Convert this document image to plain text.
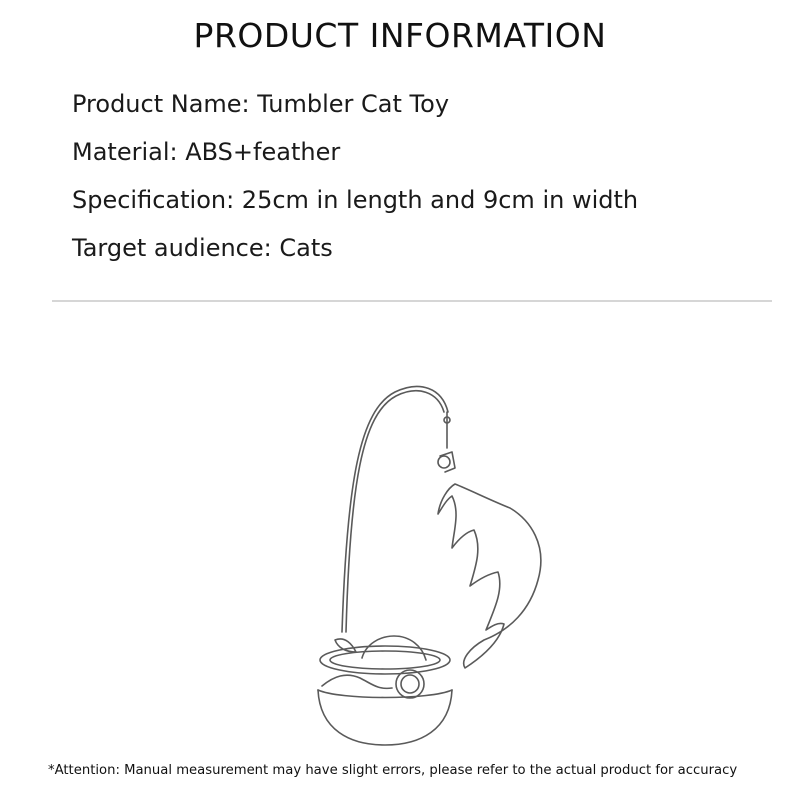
PRODUCT INFORMATION
Product Name: Tumbler Cat Toy
Material: ABS+feather
Specification: 25cm in length and 9cm in width
Target audience: Cats
*Attention: Manual measurement may have slight errors, please refer to the actual product for accuracy
